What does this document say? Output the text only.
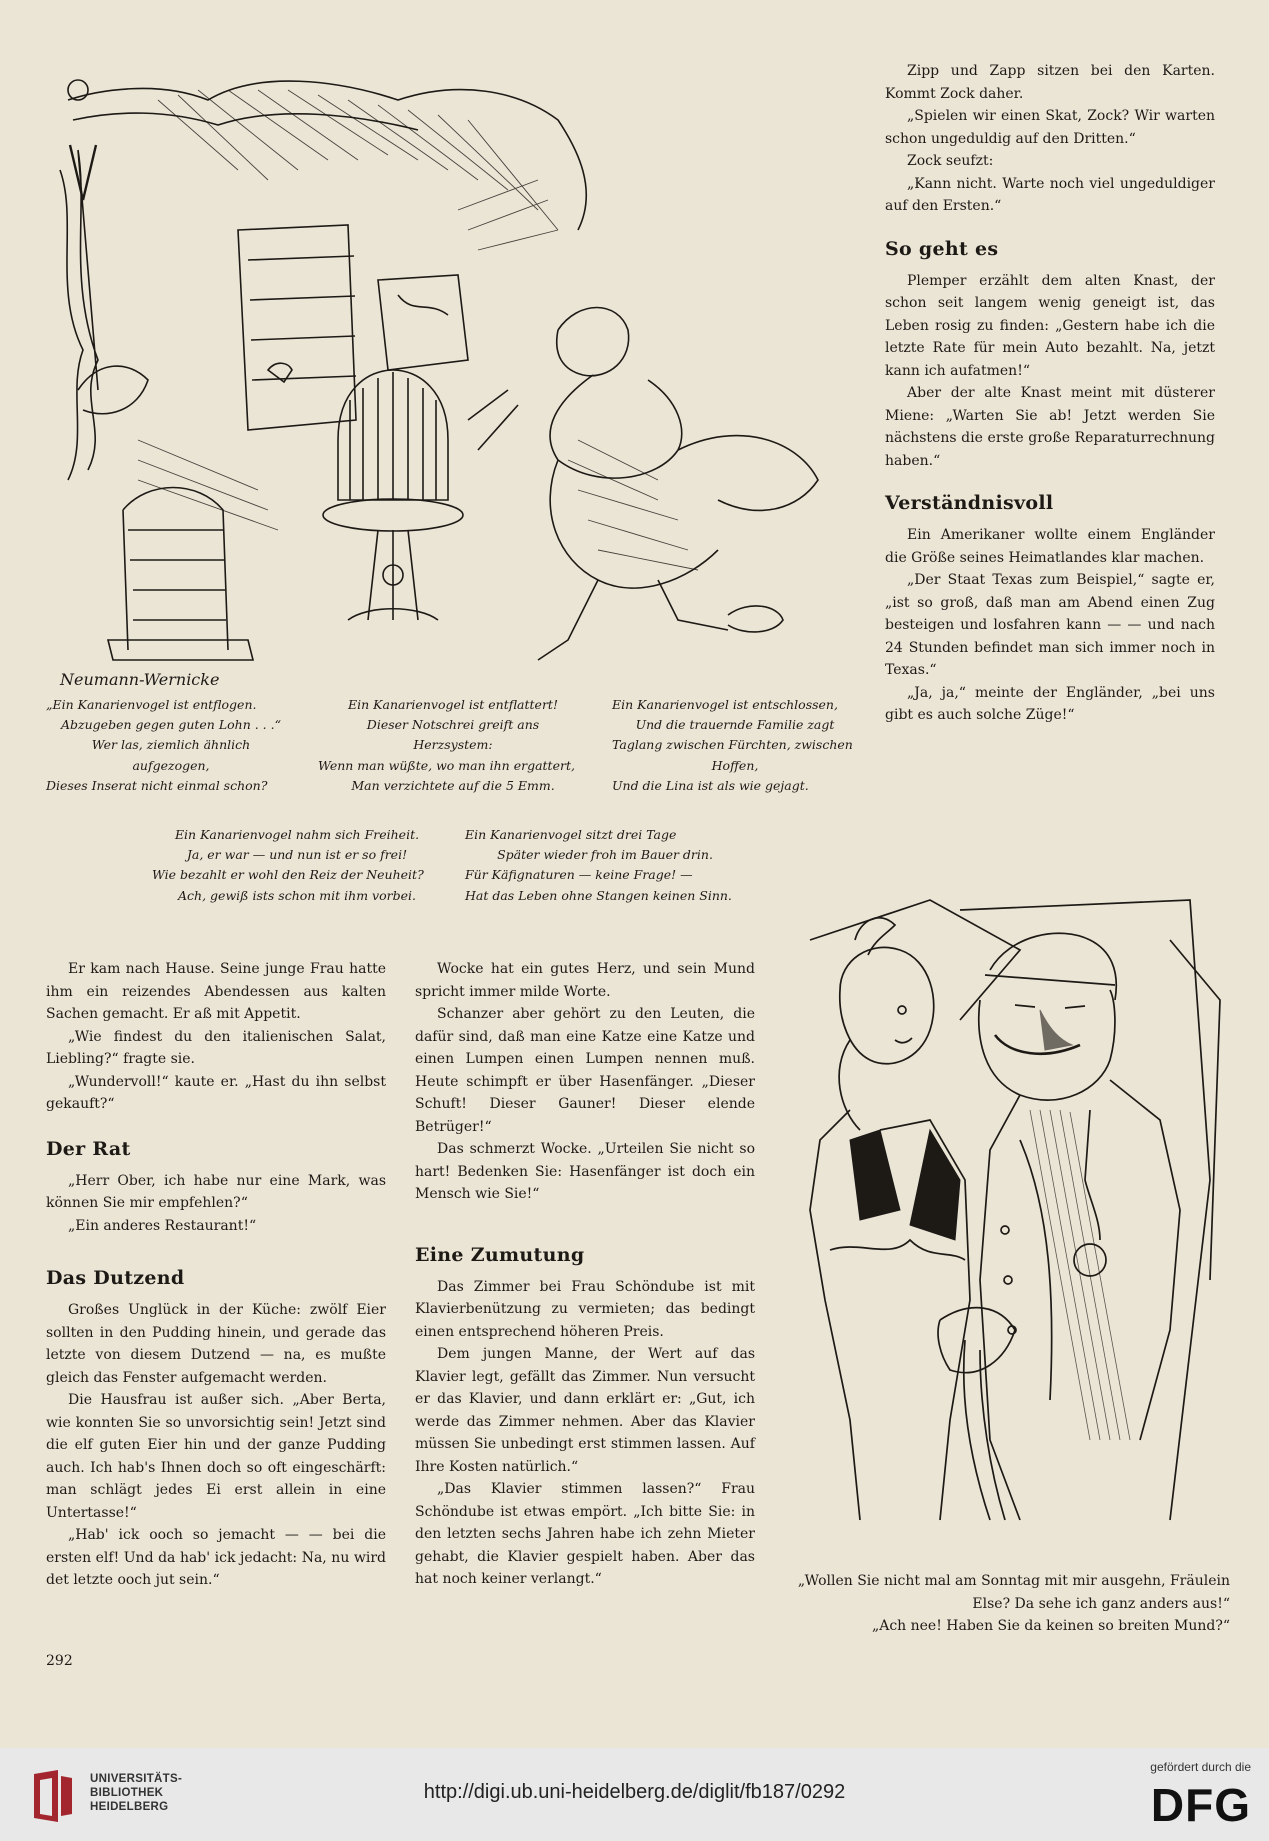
Neumann-Wernicke

Zipp und Zapp sitzen bei den Karten. Kommt Zock daher.

„Spielen wir einen Skat, Zock? Wir warten schon ungeduldig auf den Dritten.“

Zock seufzt:

„Kann nicht. Warte noch viel ungeduldiger auf den Ersten.“

So geht es

Plemper erzählt dem alten Knast, der schon seit langem wenig geneigt ist, das Leben rosig zu finden: „Gestern habe ich die letzte Rate für mein Auto bezahlt. Na, jetzt kann ich aufatmen!“

Aber der alte Knast meint mit düsterer Miene: „Warten Sie ab! Jetzt werden Sie nächstens die erste große Reparaturrechnung haben.“

Verständnisvoll

Ein Amerikaner wollte einem Engländer die Größe seines Heimatlandes klar machen.

„Der Staat Texas zum Beispiel,“ sagte er, „ist so groß, daß man am Abend einen Zug besteigen und losfahren kann — — und nach 24 Stunden befindet man sich immer noch in Texas.“

„Ja, ja,“ meinte der Engländer, „bei uns gibt es auch solche Züge!“

„Ein Kanarienvogel ist entflogen.
Abzugeben gegen guten Lohn . . .“
Wer las, ziemlich ähnlich
aufgezogen,
Dieses Inserat nicht einmal schon?
Ein Kanarienvogel ist entflattert!
Dieser Notschrei greift ans
Herzsystem:
Wenn man wüßte, wo man ihn ergattert,
Man verzichtete auf die 5 Emm.
Ein Kanarienvogel ist entschlossen,
Und die trauernde Familie zagt
Taglang zwischen Fürchten, zwischen
Hoffen,
Und die Lina ist als wie gejagt.
Ein Kanarienvogel nahm sich Freiheit.
Ja, er war — und nun ist er so frei!
Wie bezahlt er wohl den Reiz der Neuheit?
Ach, gewiß ists schon mit ihm vorbei.
Ein Kanarienvogel sitzt drei Tage
Später wieder froh im Bauer drin.
Für Käfignaturen — keine Frage! —
Hat das Leben ohne Stangen keinen Sinn.

Er kam nach Hause. Seine junge Frau hatte ihm ein reizendes Abendessen aus kalten Sachen gemacht. Er aß mit Appetit.

„Wie findest du den italienischen Salat, Liebling?“ fragte sie.

„Wundervoll!“ kaute er. „Hast du ihn selbst gekauft?“

Der Rat

„Herr Ober, ich habe nur eine Mark, was können Sie mir empfehlen?“

„Ein anderes Restaurant!“

Das Dutzend

Großes Unglück in der Küche: zwölf Eier sollten in den Pudding hinein, und gerade das letzte von diesem Dutzend — na, es mußte gleich das Fenster aufgemacht werden.

Die Hausfrau ist außer sich. „Aber Berta, wie konnten Sie so unvorsichtig sein! Jetzt sind die elf guten Eier hin und der ganze Pudding auch. Ich hab's Ihnen doch so oft eingeschärft: man schlägt jedes Ei erst allein in eine Untertasse!“

„Hab' ick ooch so jemacht — — bei die ersten elf! Und da hab' ick jedacht: Na, nu wird det letzte ooch jut sein.“

Wocke hat ein gutes Herz, und sein Mund spricht immer milde Worte.

Schanzer aber gehört zu den Leuten, die dafür sind, daß man eine Katze eine Katze und einen Lumpen einen Lumpen nennen muß. Heute schimpft er über Hasenfänger. „Dieser Schuft! Dieser Gauner! Dieser elende Betrüger!“

Das schmerzt Wocke. „Urteilen Sie nicht so hart! Bedenken Sie: Hasenfänger ist doch ein Mensch wie Sie!“

Eine Zumutung

Das Zimmer bei Frau Schöndube ist mit Klavierbenützung zu vermieten; das bedingt einen entsprechend höheren Preis.

Dem jungen Manne, der Wert auf das Klavier legt, gefällt das Zimmer. Nun versucht er das Klavier, und dann erklärt er: „Gut, ich werde das Zimmer nehmen. Aber das Klavier müssen Sie unbedingt erst stimmen lassen. Auf Ihre Kosten natürlich.“

„Das Klavier stimmen lassen?“ Frau Schöndube ist etwas empört. „Ich bitte Sie: in den letzten sechs Jahren habe ich zehn Mieter gehabt, die Klavier gespielt haben. Aber das hat noch keiner verlangt.“	„Wollen Sie nicht mal am Sonntag mit mir ausgehn, Fräulein Else? Da sehe ich ganz anders aus!“
„Ach nee! Haben Sie da keinen so breiten Mund?“
292
UNIVERSITÄTS-
BIBLIOTHEK
HEIDELBERG
http://digi.ub.uni-heidelberg.de/diglit/fb187/0292
gefördert durch die
DFG
